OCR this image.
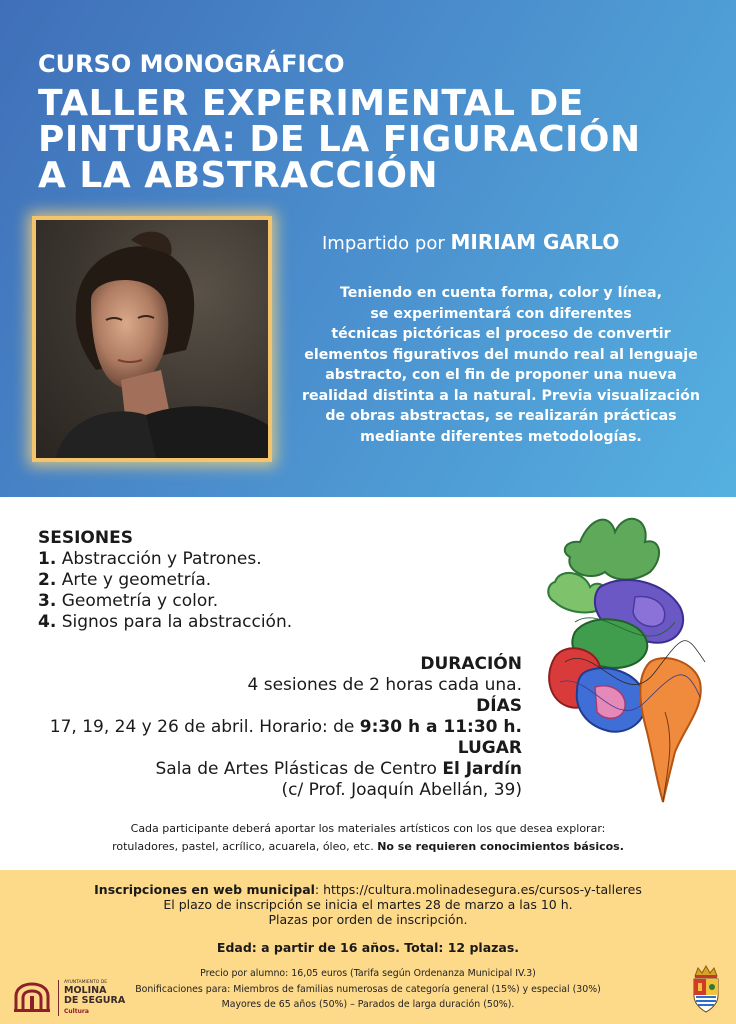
CURSO MONOGRÁFICO
TALLER EXPERIMENTAL DE
PINTURA: DE LA FIGURACIÓN
A LA ABSTRACCIÓN
Impartido por MIRIAM GARLO
Teniendo en cuenta forma, color y línea,
se experimentará con diferentes
técnicas pictóricas el proceso de convertir
elementos figurativos del mundo real al lenguaje
abstracto, con el fin de proponer una nueva
realidad distinta a la natural. Previa visualización
de obras abstractas, se realizarán prácticas
mediante diferentes metodologías.
SESIONES
1. Abstracción y Patrones.
2. Arte y geometría.
3. Geometría y color.
4. Signos para la abstracción.
DURACIÓN
4 sesiones de 2 horas cada una.
DÍAS
17, 19, 24 y 26 de abril. Horario: de 9:30 h a 11:30 h.
LUGAR
Sala de Artes Plásticas de Centro El Jardín
(c/ Prof. Joaquín Abellán, 39)
Cada participante deberá aportar los materiales artísticos con los que desea explorar:
rotuladores, pastel, acrílico, acuarela, óleo, etc. No se requieren conocimientos básicos.
Inscripciones en web municipal: https://cultura.molinadesegura.es/cursos-y-talleres
El plazo de inscripción se inicia el martes 28 de marzo a las 10 h.
Plazas por orden de inscripción.
Edad: a partir de 16 años. Total: 12 plazas.
Precio por alumno: 16,05 euros (Tarifa según Ordenanza Municipal IV.3)
Bonificaciones para: Miembros de familias numerosas de categoría general (15%) y especial (30%)
Mayores de 65 años (50%) – Parados de larga duración (50%).
AYUNTAMIENTO DE
MOLINA
DE SEGURA
Cultura
